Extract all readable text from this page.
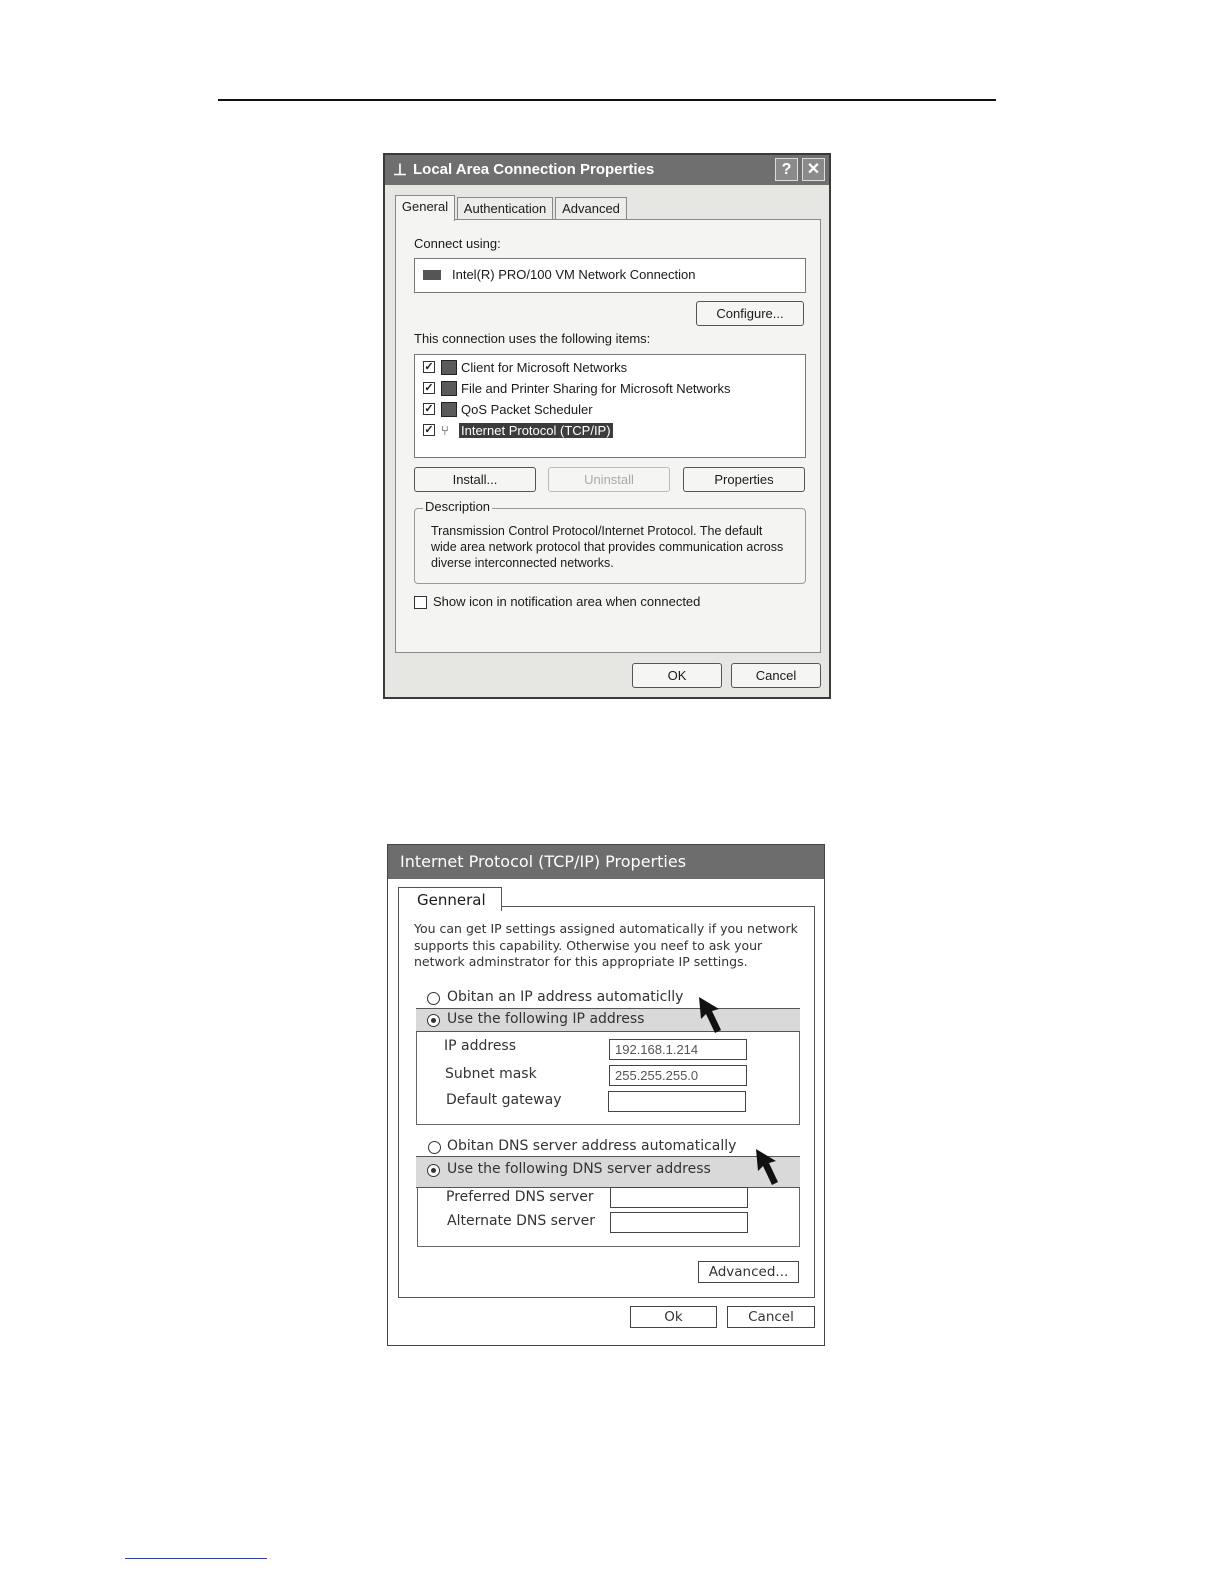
⊥ Local Area Connection Properties	? ✕
General	Authentication	Advanced
Connect using:
Intel(R) PRO/100 VM Network Connection
Configure...
This connection uses the following items:
✓ Client for Microsoft Networks
✓ File and Printer Sharing for Microsoft Networks
✓ QoS Packet Scheduler
✓ ⑂ Internet Protocol (TCP/IP)
Install...	Uninstall	Properties
Description
Transmission Control Protocol/Internet Protocol. The default wide area network protocol that provides communication across diverse interconnected networks.
Show icon in notification area when connected
OK	Cancel
Internet Protocol (TCP/IP) Properties
Genneral
You can get IP settings assigned automatically if you network supports this capability. Otherwise you neef to ask your network adminstrator for this appropriate IP settings.
Obitan an IP address automaticlly
Use the following IP address
IP address	192.168.1.214
Subnet mask	255.255.255.0
Default gateway
Obitan DNS server address automatically
Use the following DNS server address
Preferred DNS server
Alternate DNS server
Advanced...
Ok	Cancel
